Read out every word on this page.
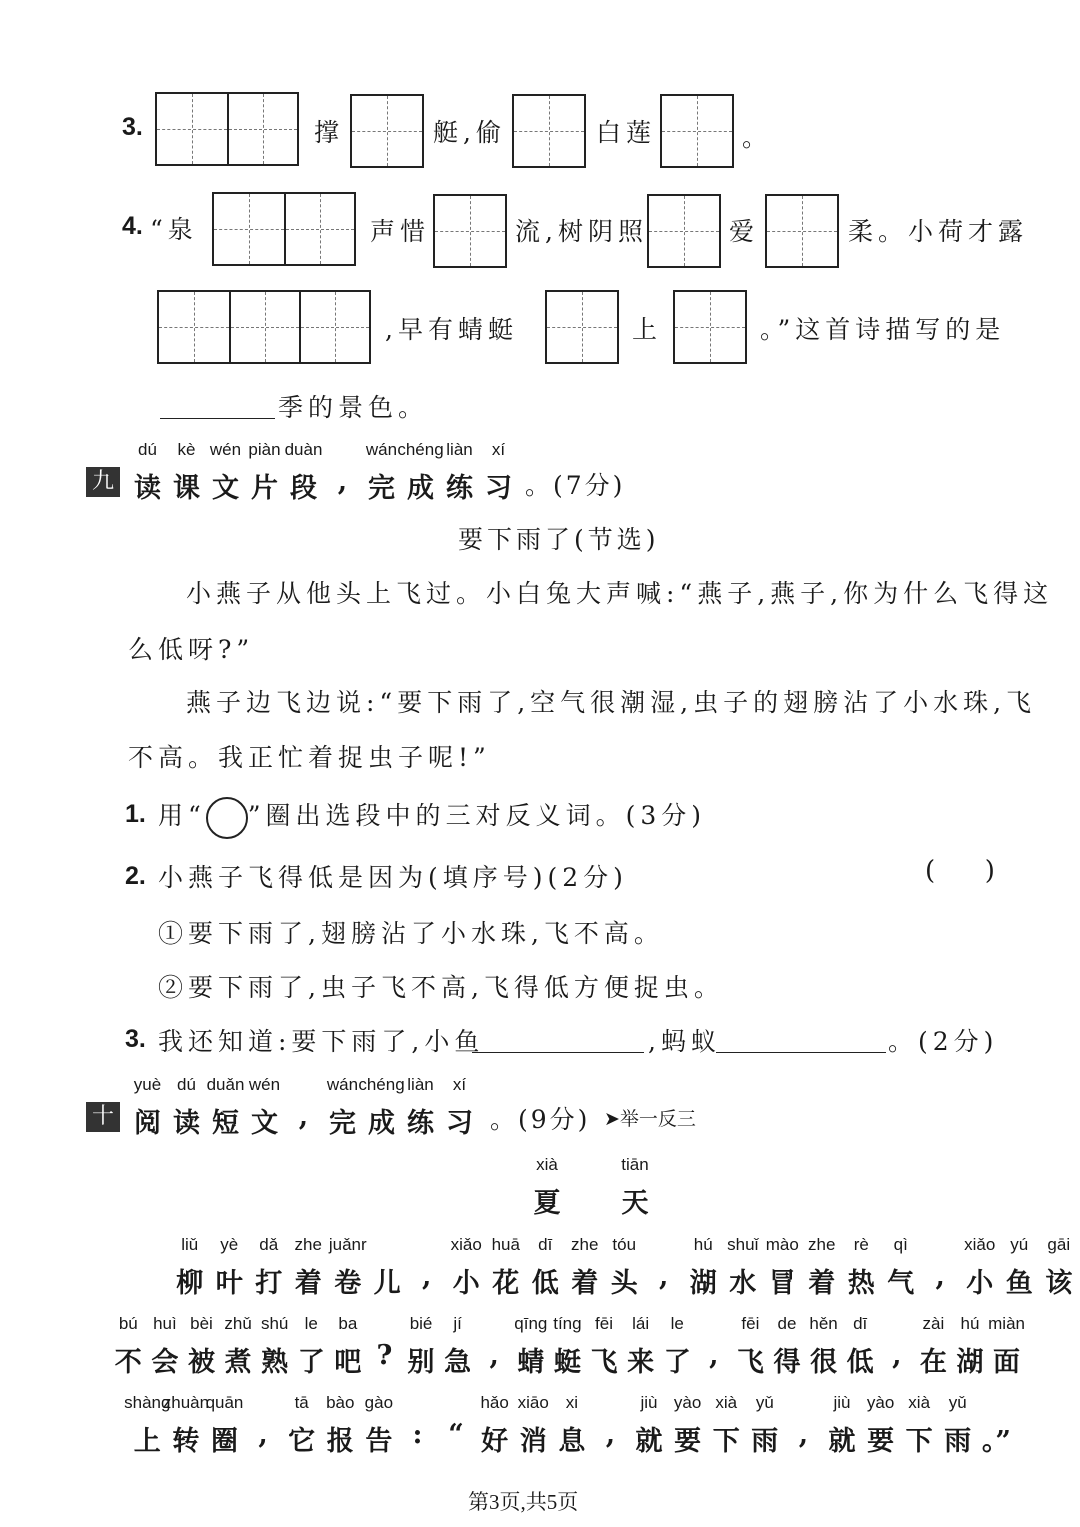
3.	撑	艇,偷	白莲	。
4. “泉	声惜	流,树阴照	爱	柔。小荷才露
,早有蜻蜓	上	。”这首诗描写的是
季的景色。
九
dú
读
kè
课
wén
文
piàn
片
duàn
段 ,
wán
完
chéng
成
liàn
练
xí
习 。(7分)
要下雨了(节选)
小燕子从他头上飞过。小白兔大声喊:“燕子,燕子,你为什么飞得这
么低呀?”
燕子边飞边说:“要下雨了,空气很潮湿,虫子的翅膀沾了小水珠,飞
不高。我正忙着捉虫子呢!”
1. 用“ ”圈出选段中的三对反义词。(3分)
2. 小燕子飞得低是因为(填序号)(2分)	(      )
①要下雨了,翅膀沾了小水珠,飞不高。
②要下雨了,虫子飞不高,飞得低方便捉虫。
3. 我还知道:要下雨了,小鱼	,蚂蚁	。(2分)
十
yuè
阅
dú
读
duǎn
短
wén
文 ,
wán
完
chéng
成
liàn
练
xí
习 。(9分) ➤举一反三
xià
夏
tiān
天
liǔ
柳
yè
叶
dǎ
打
zhe
着
juǎnr
卷 儿 ,
xiǎo
小
huā
花
dī
低
zhe
着
tóu
头 ,
hú
湖
shuǐ
水
mào
冒
zhe
着
rè
热
qì
气 ,
xiǎo
小
yú
鱼
gāi
该
bú
不
huì
会
bèi
被
zhǔ
煮
shú
熟
le
了
ba
吧 ?
bié
别
jí
急 ,
qīng
蜻
tíng
蜓
fēi
飞
lái
来
le
了 ,
fēi
飞
de
得
hěn
很
dī
低 ,
zài
在
hú
湖
miàn
面
shàng
上
zhuàn
转
quān
圈 ,
tā
它
bào
报
gào
告 : “
hǎo
好
xiāo
消
xi
息 ,
jiù
就
yào
要
xià
下
yǔ
雨 ,
jiù
就
yào
要
xià
下
yǔ
雨 。”
第3页,共5页
